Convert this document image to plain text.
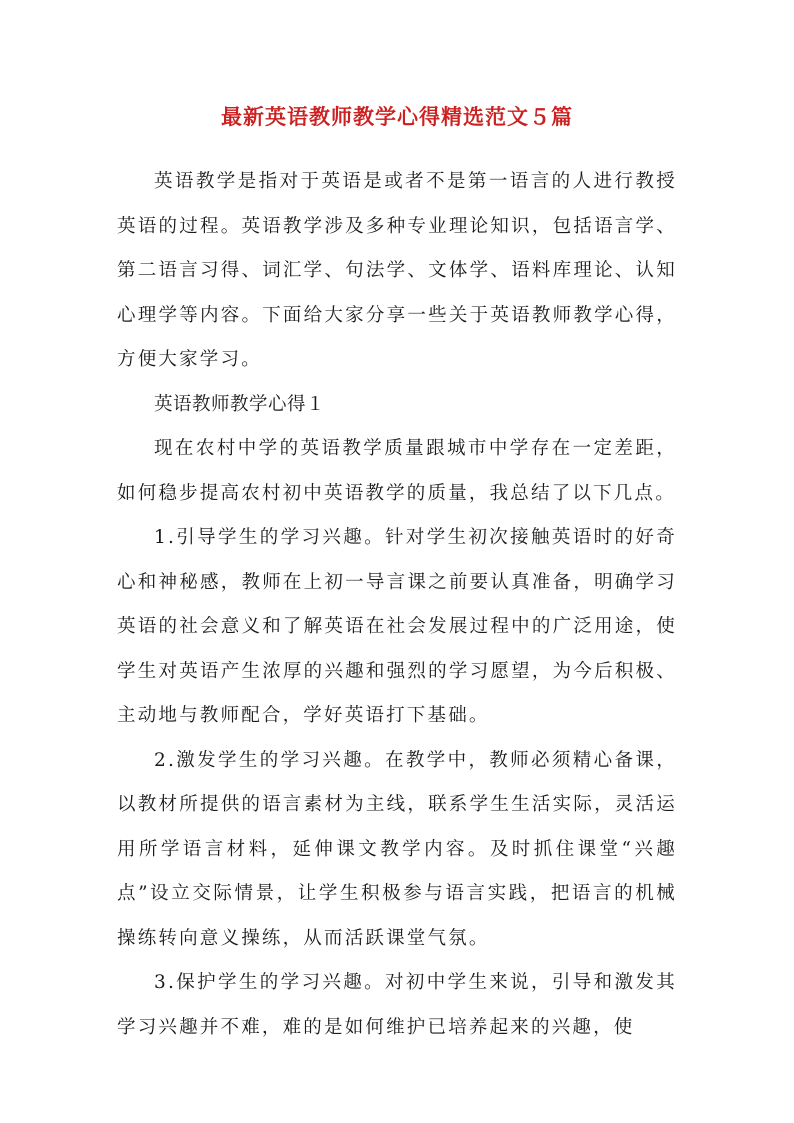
最新英语教师教学心得精选范文５篇

英语教学是指对于英语是或者不是第一语言的人进行教授英语的过程。英语教学涉及多种专业理论知识，包括语言学、第二语言习得、词汇学、句法学、文体学、语料库理论、认知心理学等内容。下面给大家分享一些关于英语教师教学心得，方便大家学习。

英语教师教学心得１

现在农村中学的英语教学质量跟城市中学存在一定差距，如何稳步提高农村初中英语教学的质量，我总结了以下几点。

1.引导学生的学习兴趣。针对学生初次接触英语时的好奇心和神秘感，教师在上初一导言课之前要认真准备，明确学习英语的社会意义和了解英语在社会发展过程中的广泛用途，使学生对英语产生浓厚的兴趣和强烈的学习愿望，为今后积极、主动地与教师配合，学好英语打下基础。

2.激发学生的学习兴趣。在教学中，教师必须精心备课，以教材所提供的语言素材为主线，联系学生生活实际，灵活运用所学语言材料，延伸课文教学内容。及时抓住课堂“兴趣点”设立交际情景，让学生积极参与语言实践，把语言的机械操练转向意义操练，从而活跃课堂气氛。

3.保护学生的学习兴趣。对初中学生来说，引导和激发其学习兴趣并不难，难的是如何维护已培养起来的兴趣，使
